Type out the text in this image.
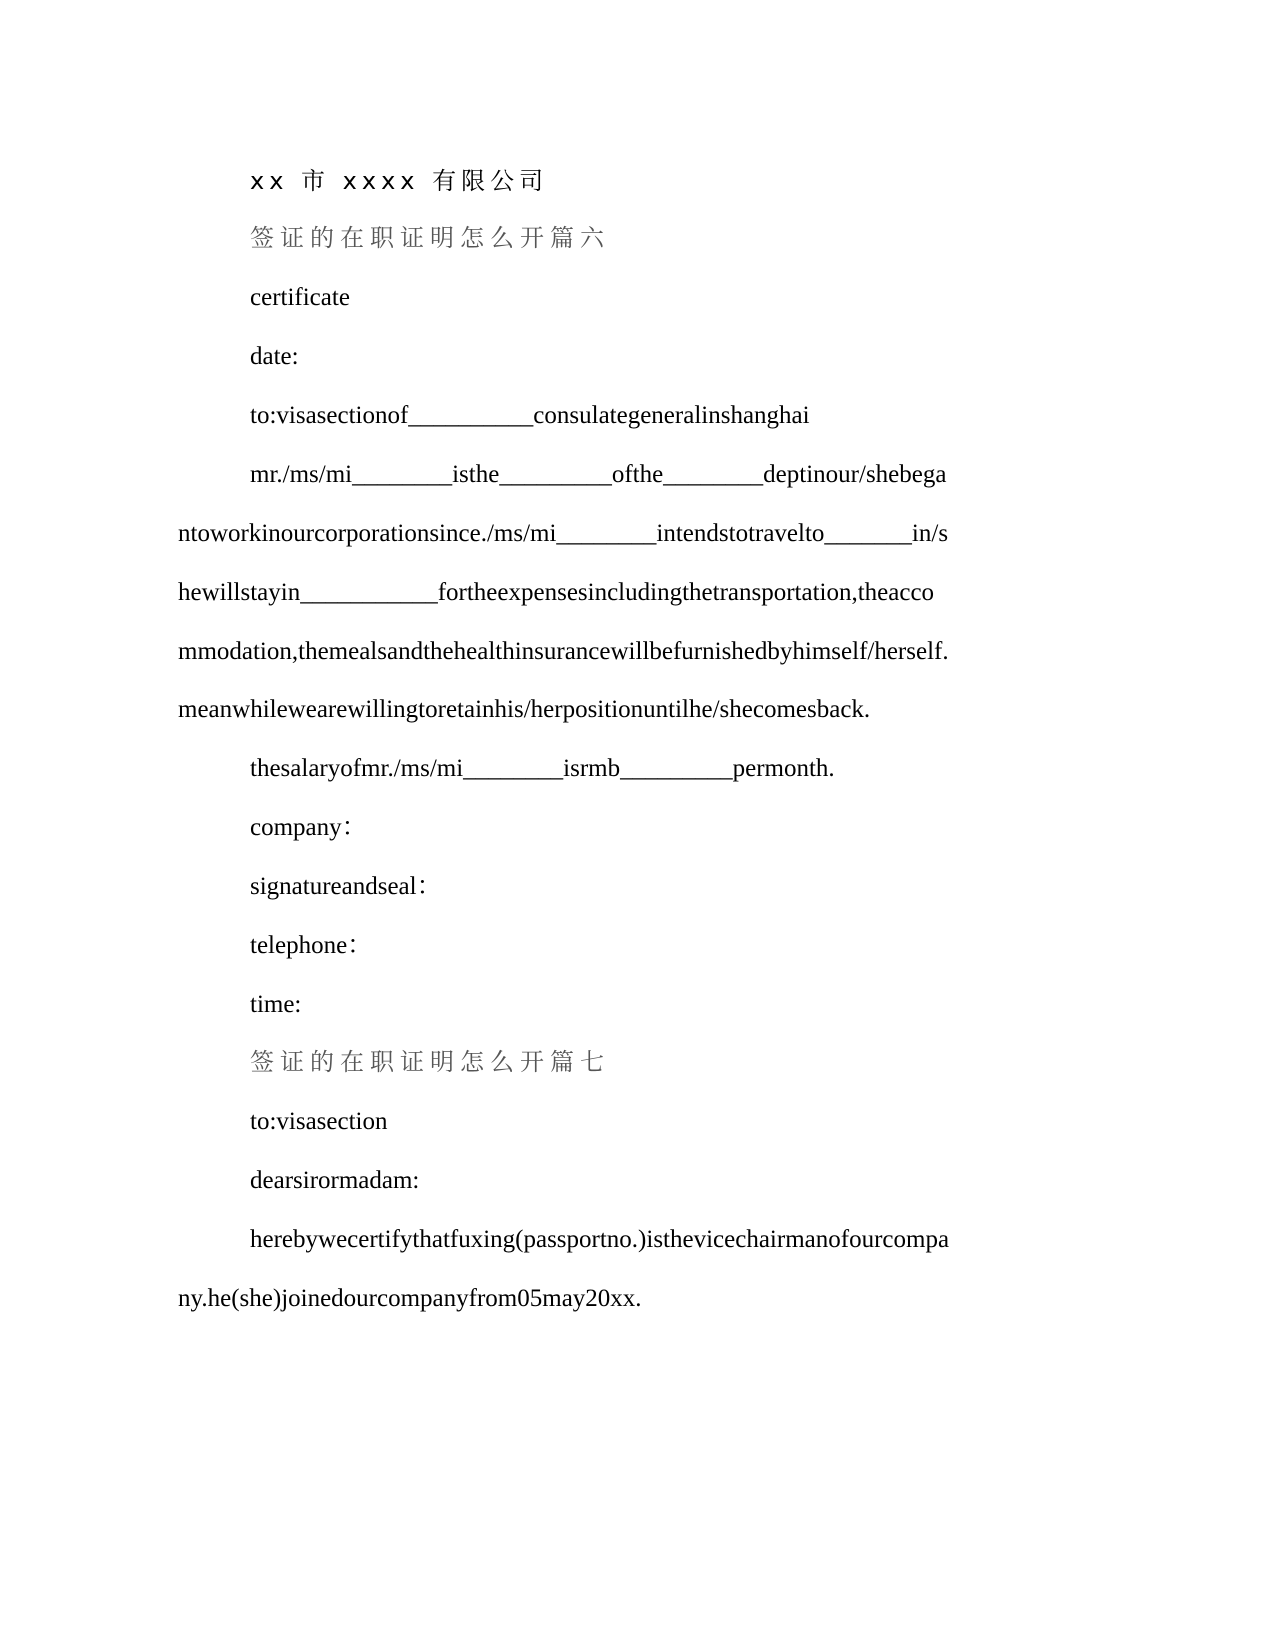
xx 市 xxxx 有限公司
签证的在职证明怎么开篇六
certificate
date:
to:visasectionof__________consulategeneralinshanghai
mr./ms/mi________isthe_________ofthe________deptinour/shebega
ntoworkinourcorporationsince./ms/mi________intendstotravelto_______in/s
hewillstayin___________fortheexpensesincludingthetransportation,theacco
mmodation,themealsandthehealthinsurancewillbefurnishedbyhimself/herself.
meanwhilewearewillingtoretainhis/herpositionuntilhe/shecomesback.
thesalaryofmr./ms/mi________isrmb_________permonth.
company：
signatureandseal：
telephone：
time:
签证的在职证明怎么开篇七
to:visasection
dearsirormadam:
herebywecertifythatfuxing(passportno.)isthevicechairmanofourcompa
ny.he(she)joinedourcompanyfrom05may20xx.
